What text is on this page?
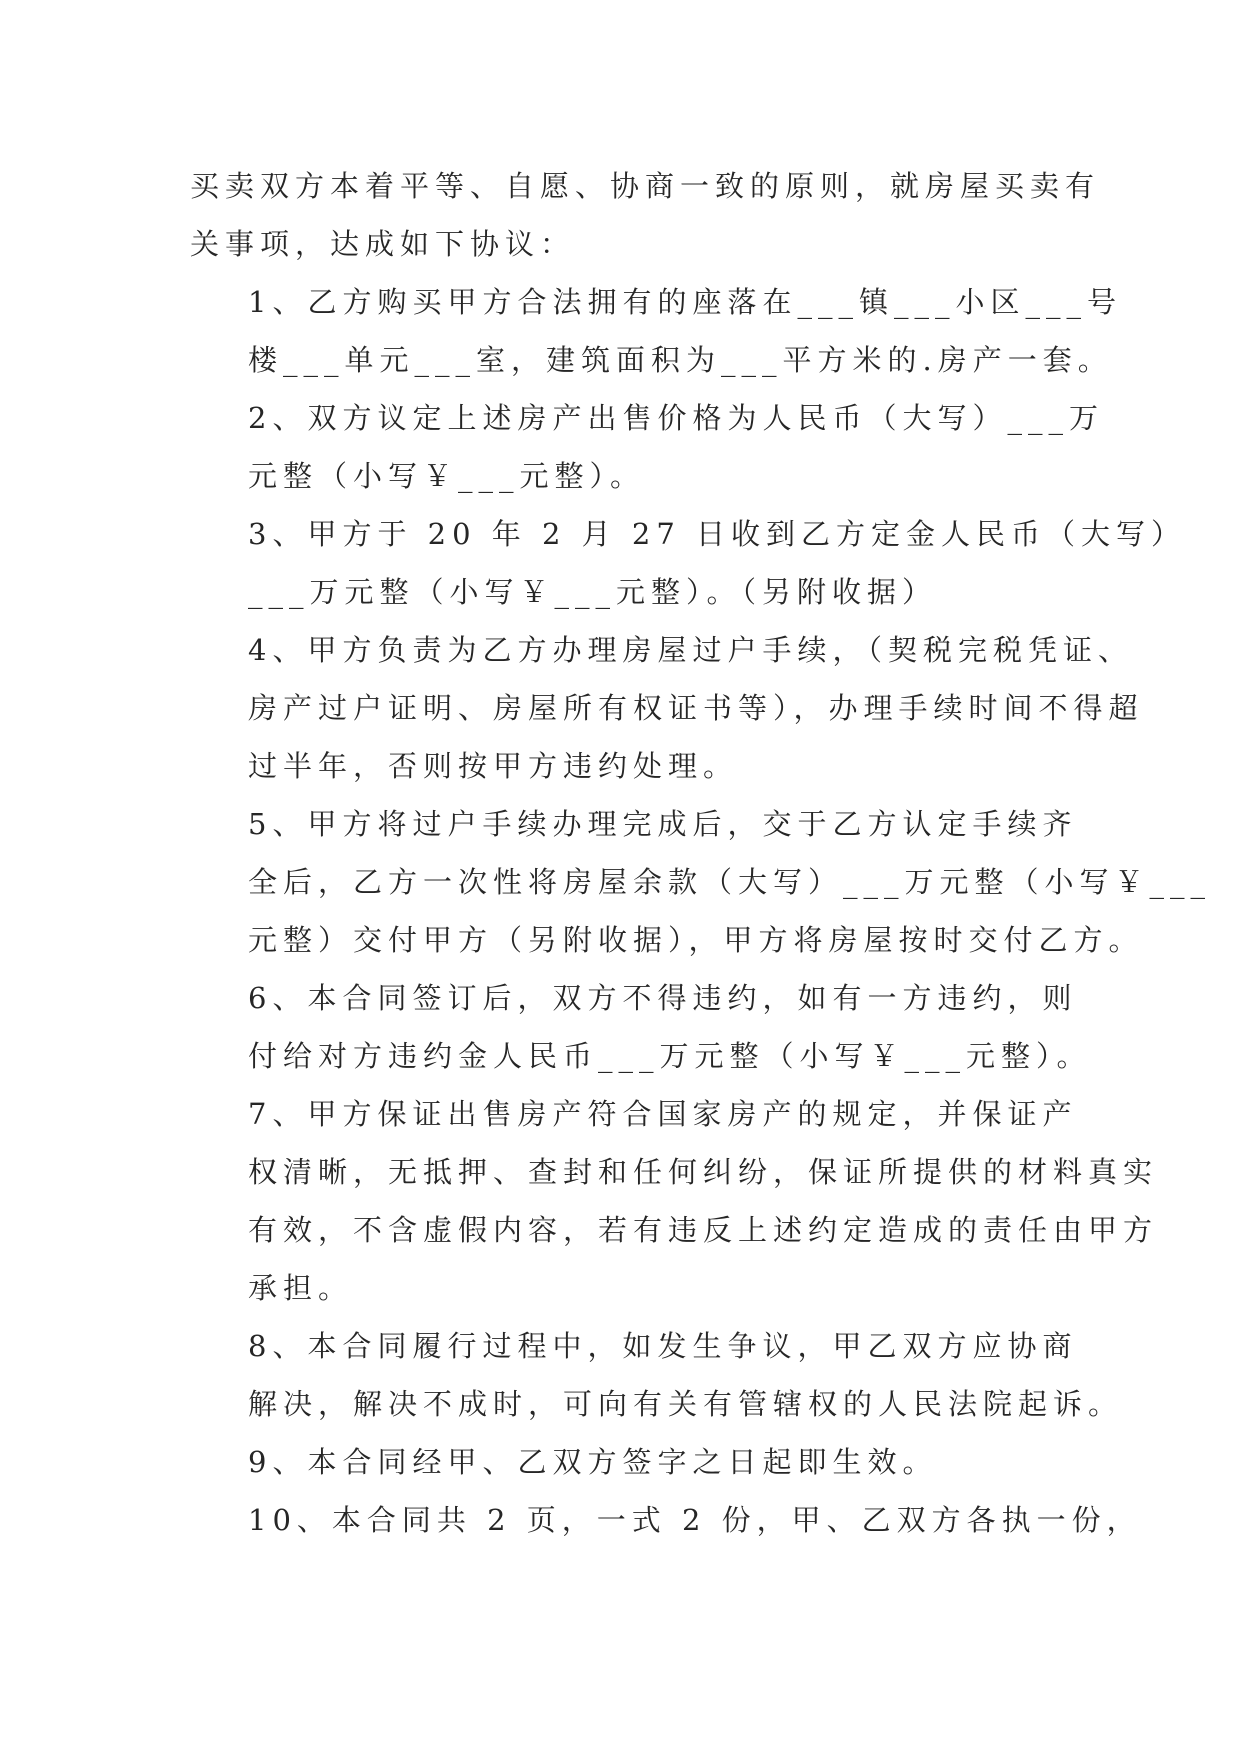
买卖双方本着平等、自愿、协商一致的原则，就房屋买卖有
关事项，达成如下协议：

1、乙方购买甲方合法拥有的座落在___镇___小区___号
楼___单元___室，建筑面积为___平方米的.房产一套。

2、双方议定上述房产出售价格为人民币（大写）___万
元整（小写￥___元整）。

3、甲方于 20 年 2 月 27 日收到乙方定金人民币（大写）
___万元整（小写￥___元整）。（另附收据）

4、甲方负责为乙方办理房屋过户手续，（契税完税凭证、
房产过户证明、房屋所有权证书等），办理手续时间不得超
过半年，否则按甲方违约处理。

5、甲方将过户手续办理完成后，交于乙方认定手续齐
全后，乙方一次性将房屋余款（大写）___万元整（小写￥___
元整）交付甲方（另附收据），甲方将房屋按时交付乙方。

6、本合同签订后，双方不得违约，如有一方违约，则
付给对方违约金人民币___万元整（小写￥___元整）。

7、甲方保证出售房产符合国家房产的规定，并保证产
权清晰，无抵押、查封和任何纠纷，保证所提供的材料真实
有效，不含虚假内容，若有违反上述约定造成的责任由甲方
承担。

8、本合同履行过程中，如发生争议，甲乙双方应协商
解决，解决不成时，可向有关有管辖权的人民法院起诉。

9、本合同经甲、乙双方签字之日起即生效。

10、本合同共 2 页，一式 2 份，甲、乙双方各执一份，
